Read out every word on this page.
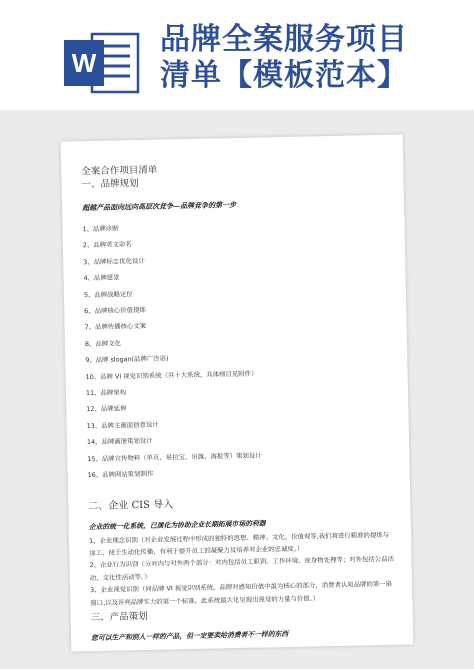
W
品牌全案服务项目
清单【模板范本】

全案合作项目清单

一、品牌规划

超越产品面向远向高层次竞争—品牌竞争的第一步

1、品牌诊断
2、品牌英文命名
3、品牌标志优化设计
4、品牌愿景
5、品牌战略定位
6、品牌核心价值提炼
7、品牌传播核心文案
8、品牌文化
9、品牌 slogan(品牌广告语)
10、品牌 VI 视觉识别系统（共十大系统，具体细目见附件）
11、品牌架构
12、品牌延伸
13、品牌主画面创意设计
14、品牌画册策划设计
15、品牌宣传物料（单页、易拉宝、吊旗、海报等）策划设计
16、品牌网站策划制作

二、企业 CIS 导入

企业的统一化系统，已演化为协助企业长期拓展市场的利器

1、企业理念识别（对企业发展过程中形成的独特的思想、精神、文化、价值观等,我们将进行精准的提炼与加工，使于生动化传播，有利于提升员工的凝聚力及培养对企业的忠诚度。）

2、企业行为识别（分对内与对外两个部分：对内包括员工职训、工作环境、度身物处理等；对外包括公益活动、文化性活动等。）

3、企业视觉识别（同品牌 VI 视觉识别系统，品牌对感知价值中最为核心的部分，消费者认知品牌的第一扇窗口,以及评判品牌实力的第一个标准，此系统最大化呈现出视觉的力量与价值。）

三、产品策划

您可以生产和别人一样的产品，但一定要卖给消费者不一样的东西
